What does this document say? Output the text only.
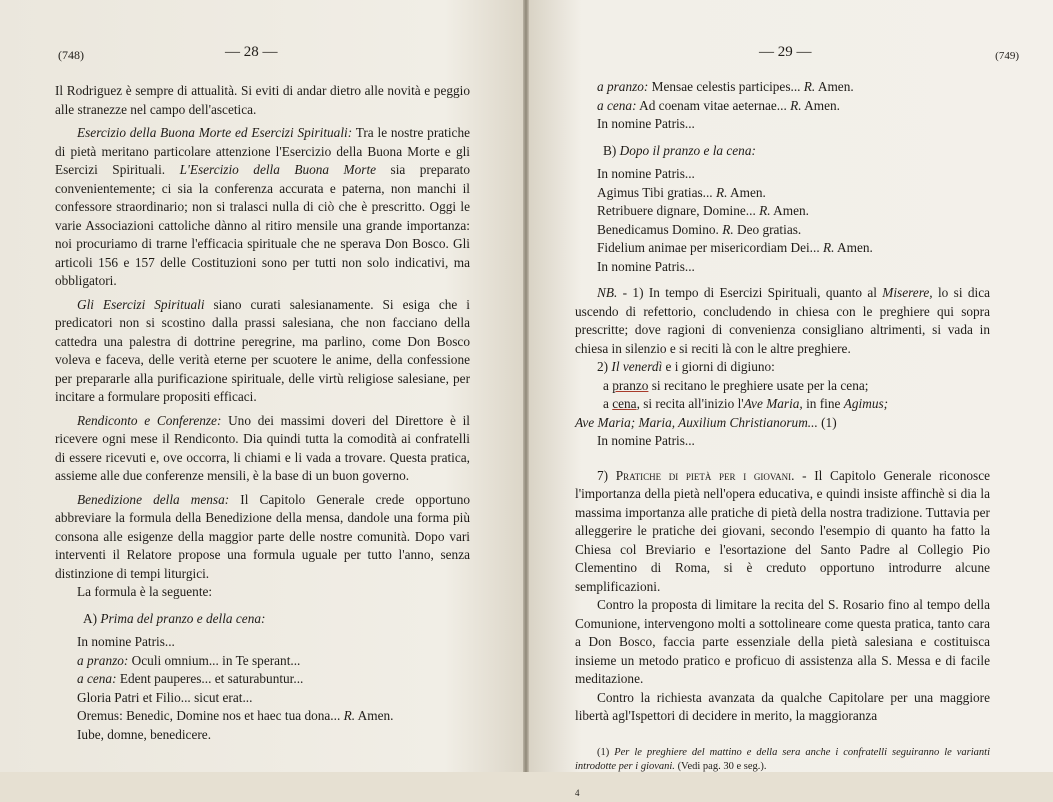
(748)	— 28 —

Il Rodriguez è sempre di attualità. Si eviti di andar dietro alle novità e peggio alle stranezze nel campo dell'ascetica.

Esercizio della Buona Morte ed Esercizi Spirituali: Tra le nostre pratiche di pietà meritano particolare attenzione l'Esercizio della Buona Morte e gli Esercizi Spirituali. L'Esercizio della Buona Morte sia preparato convenientemente; ci sia la conferenza accurata e paterna, non manchi il confessore straordinario; non si tralasci nulla di ciò che è prescritto. Oggi le varie Associazioni cattoliche dànno al ritiro mensile una grande importanza: noi procuriamo di trarne l'efficacia spirituale che ne sperava Don Bosco. Gli articoli 156 e 157 delle Costituzioni sono per tutti non solo indicativi, ma obbligatori.

Gli Esercizi Spirituali siano curati salesianamente. Si esiga che i predicatori non si scostino dalla prassi salesiana, che non facciano della cattedra una palestra di dottrine peregrine, ma parlino, come Don Bosco voleva e faceva, delle verità eterne per scuotere le anime, della confessione per prepararle alla purificazione spirituale, delle virtù religiose salesiane, per incitare a formulare propositi efficaci.

Rendiconto e Conferenze: Uno dei massimi doveri del Direttore è il ricevere ogni mese il Rendiconto. Dia quindi tutta la comodità ai confratelli di essere ricevuti e, ove occorra, li chiami e li vada a trovare. Questa pratica, assieme alle due conferenze mensili, è la base di un buon governo.

Benedizione della mensa: Il Capitolo Generale crede opportuno abbreviare la formula della Benedizione della mensa, dandole una forma più consona alle esigenze della maggior parte delle nostre comunità. Dopo vari interventi il Relatore propose una formula uguale per tutto l'anno, senza distinzione di tempi liturgici.

La formula è la seguente:

A) Prima del pranzo e della cena:

In nomine Patris...

a pranzo: Oculi omnium... in Te sperant...

a cena: Edent pauperes... et saturabuntur...

Gloria Patri et Filio... sicut erat...

Oremus: Benedic, Domine nos et haec tua dona... R. Amen.

Iube, domne, benedicere.

— 29 —	(749)

a pranzo: Mensae celestis participes... R. Amen.

a cena: Ad coenam vitae aeternae... R. Amen.

In nomine Patris...

B) Dopo il pranzo e la cena:

In nomine Patris...

Agimus Tibi gratias... R. Amen.

Retribuere dignare, Domine... R. Amen.

Benedicamus Domino. R. Deo gratias.

Fidelium animae per misericordiam Dei... R. Amen.

In nomine Patris...

NB. - 1) In tempo di Esercizi Spirituali, quanto al Miserere, lo si dica uscendo di refettorio, concludendo in chiesa con le preghiere qui sopra prescritte; dove ragioni di convenienza consigliano altrimenti, si vada in chiesa in silenzio e si reciti là con le altre preghiere.

2) Il venerdì e i giorni di digiuno:

a pranzo si recitano le preghiere usate per la cena;

a cena, si recita all'inizio l'Ave Maria, in fine Agimus;

Ave Maria; Maria, Auxilium Christianorum... (1)

In nomine Patris...

7) Pratiche di pietà per i giovani. - Il Capitolo Generale riconosce l'importanza della pietà nell'opera educativa, e quindi insiste affinchè si dia la massima importanza alle pratiche di pietà della nostra tradizione. Tuttavia per alleggerire le pratiche dei giovani, secondo l'esempio di quanto ha fatto la Chiesa col Breviario e l'esortazione del Santo Padre al Collegio Pio Clementino di Roma, si è creduto opportuno introdurre alcune semplificazioni.

Contro la proposta di limitare la recita del S. Rosario fino al tempo della Comunione, intervengono molti a sottolineare come questa pratica, tanto cara a Don Bosco, faccia parte essenziale della pietà salesiana e costituisca insieme un metodo pratico e proficuo di assistenza alla S. Messa e di facile meditazione.

Contro la richiesta avanzata da qualche Capitolare per una maggiore libertà agl'Ispettori di decidere in merito, la maggioranza

(1) Per le preghiere del mattino e della sera anche i confratelli seguiranno le varianti introdotte per i giovani. (Vedi pag. 30 e seg.).

4
